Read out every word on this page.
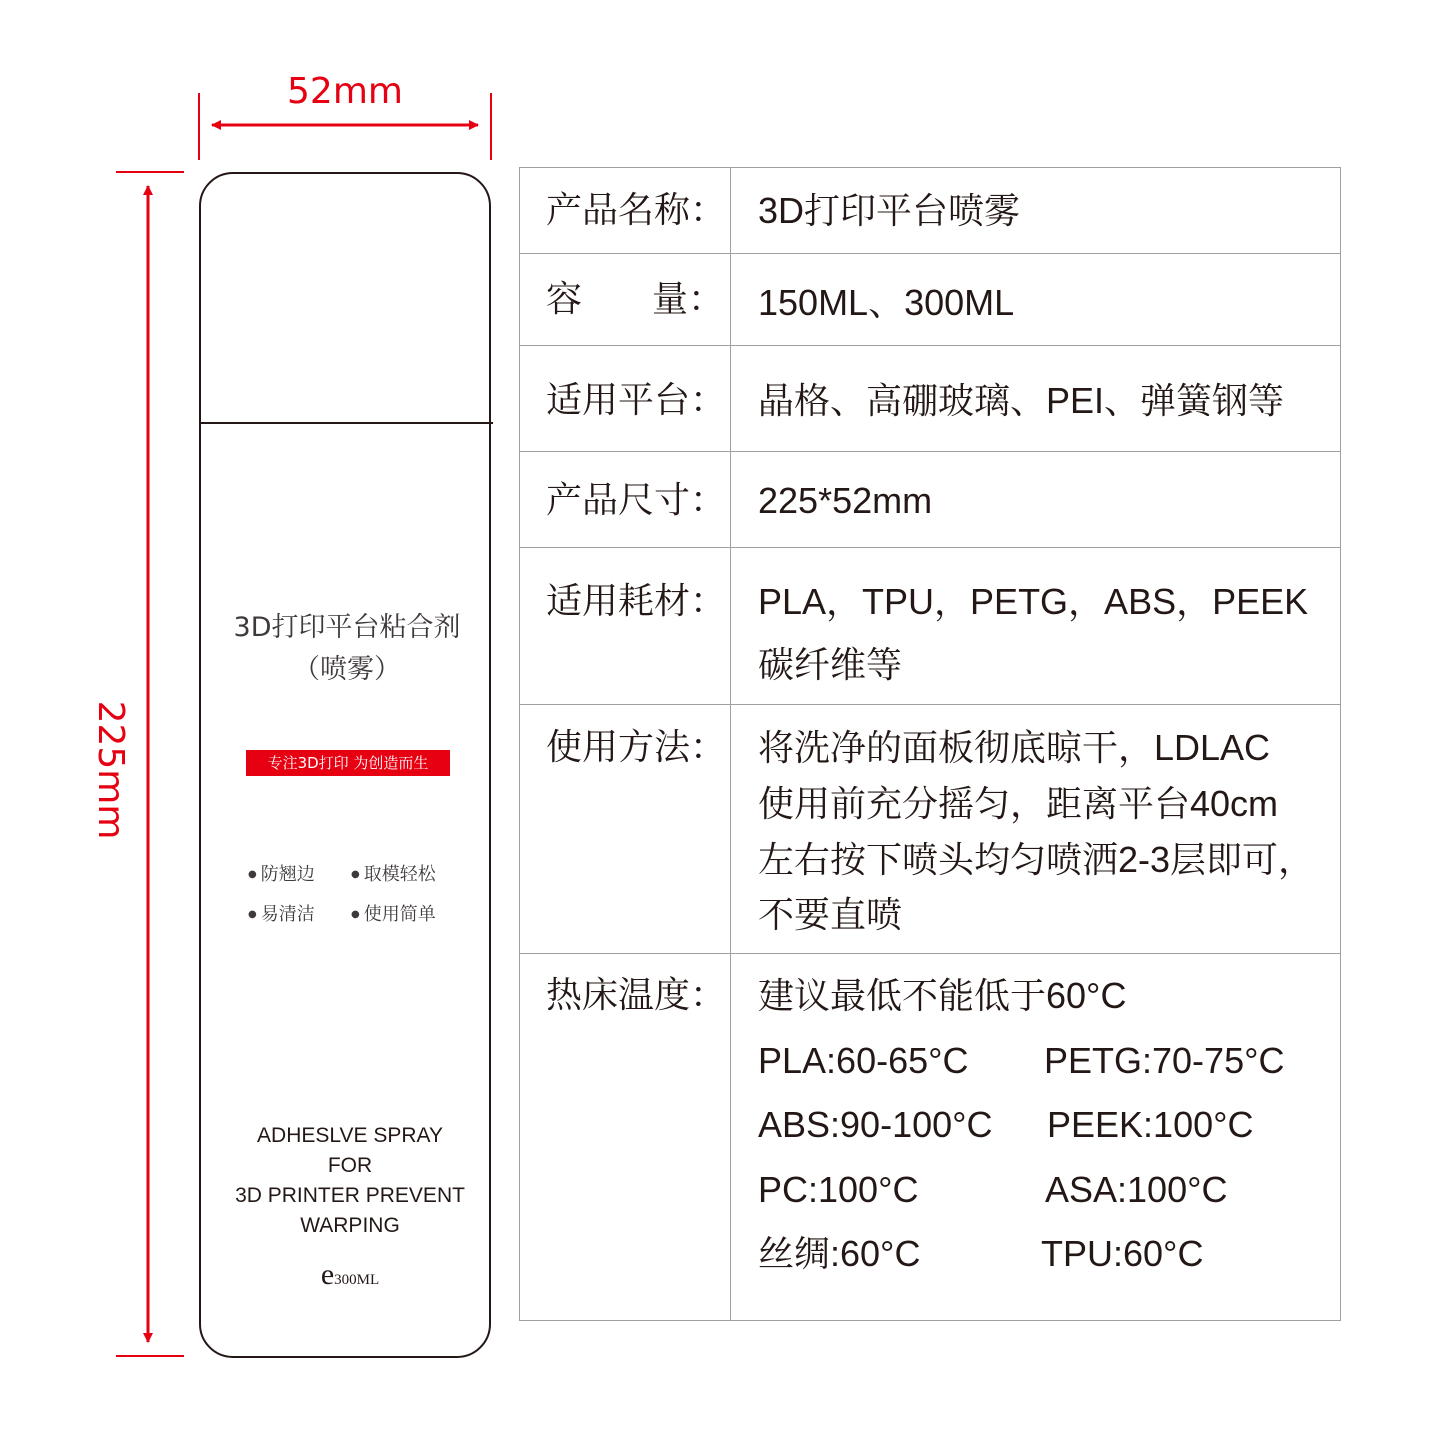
52mm
225mm
3D打印平台粘合剂
（喷雾）
专注3D打印 为创造而生
● 防翘边	● 取模轻松
● 易清洁	● 使用简单
ADHESLVE SPRAY
FOR
3D PRINTER PREVENT
WARPING
e300ML
产品名称： 3D打印平台喷雾
容 量： 150ML、300ML
适用平台： 晶格、高硼玻璃、PEI、弹簧钢等
产品尺寸： 225*52mm
适用耗材： PLA，TPU，PETG，ABS，PEEK
碳纤维等
使用方法： 将洗净的面板彻底晾干，LDLAC
使用前充分摇匀，距离平台40cm
左右按下喷头均匀喷洒2-3层即可，
不要直喷
热床温度： 建议最低不能低于60°C
PLA:60-65°C PETG:70-75°C
ABS:90-100°C PEEK:100°C
PC:100°C	ASA:100°C
丝绸:60°C	TPU:60°C
